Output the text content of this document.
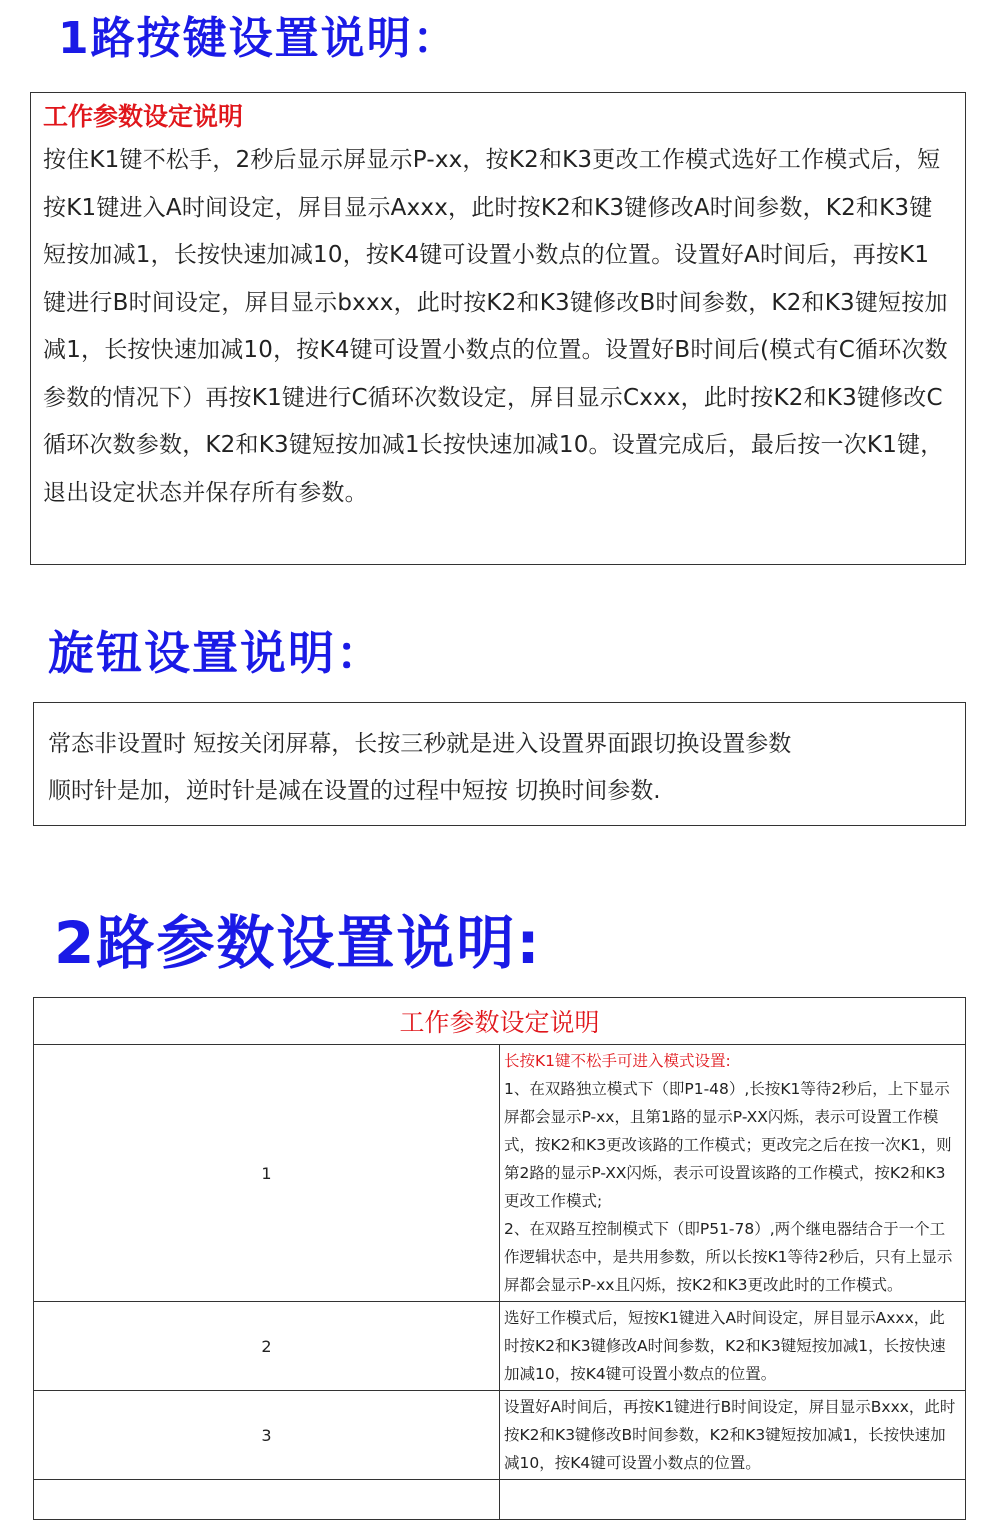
1路按键设置说明：
工作参数设定说明
按住K1键不松手，2秒后显示屏显示P-xx，按K2和K3更改工作模式选好工作模式后，短按K1键进入A时间设定，屏目显示Axxx，此时按K2和K3键修改A时间参数，K2和K3键短按加减1，长按快速加减10，按K4键可设置小数点的位置。设置好A时间后，再按K1键进行B时间设定，屏目显示bxxx，此时按K2和K3键修改B时间参数，K2和K3键短按加减1，长按快速加减10，按K4键可设置小数点的位置。设置好B时间后(模式有C循环次数参数的情况下）再按K1键进行C循环次数设定，屏目显示Cxxx，此时按K2和K3键修改C循环次数参数，K2和K3键短按加减1长按快速加减10。设置完成后，最后按一次K1键，退出设定状态并保存所有参数。
旋钮设置说明：
常态非设置时 短按关闭屏幕，长按三秒就是进入设置界面跟切换设置参数
顺时针是加，逆时针是减在设置的过程中短按 切换时间参数.
2路参数设置说明:
工作参数设定说明	
1	长按K1键不松手可进入模式设置:

1、在双路独立模式下（即P1-48）,长按K1等待2秒后，上下显示屏都会显示P-xx，且第1路的显示P-XX闪烁，表示可设置工作模式，按K2和K3更改该路的工作模式；更改完之后在按一次K1，则第2路的显示P-XX闪烁，表示可设置该路的工作模式，按K2和K3更改工作模式;

2、在双路互控制模式下（即P51-78）,两个继电器结合于一个工作逻辑状态中，是共用参数，所以长按K1等待2秒后，只有上显示屏都会显示P-xx且闪烁，按K2和K3更改此时的工作模式。

2	选好工作模式后，短按K1键进入A时间设定，屏目显示Axxx，此时按K2和K3键修改A时间参数，K2和K3键短按加减1，长按快速加减10，按K4键可设置小数点的位置。
3	设置好A时间后，再按K1键进行B时间设定，屏目显示Bxxx，此时按K2和K3键修改B时间参数，K2和K3键短按加减1，长按快速加减10，按K4键可设置小数点的位置。
